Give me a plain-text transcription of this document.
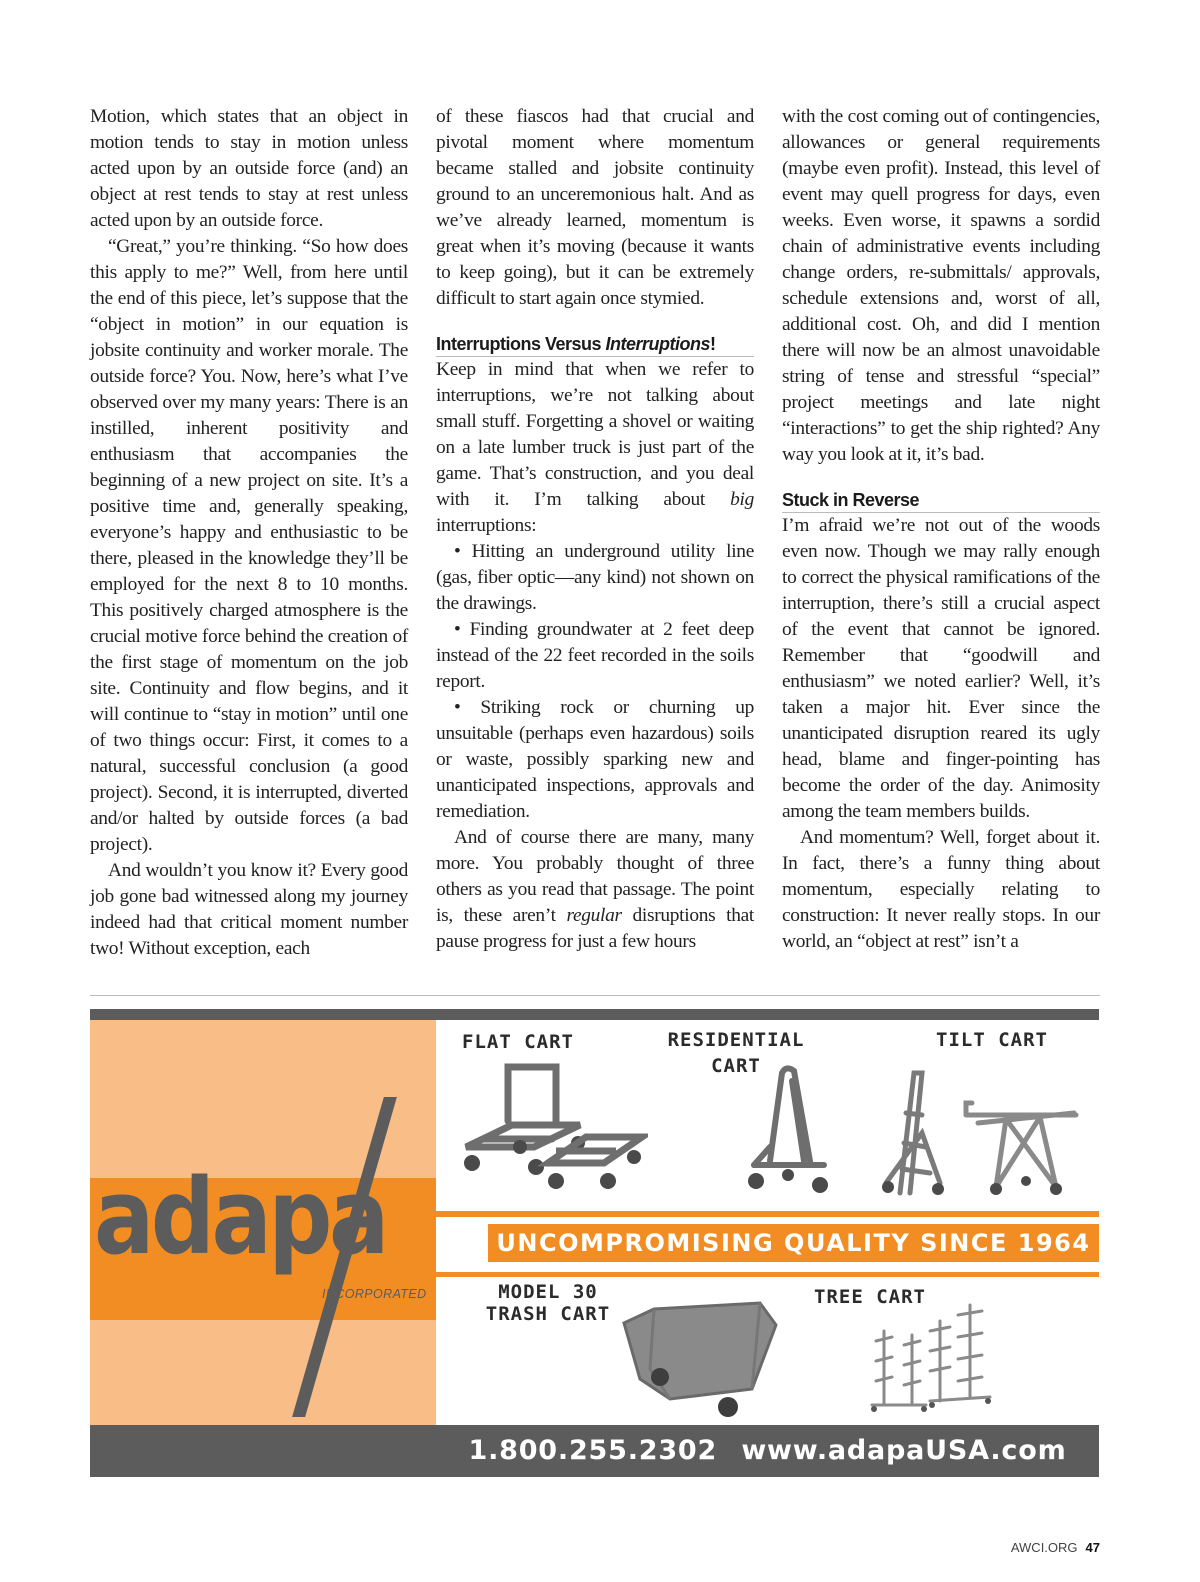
Motion, which states that an object in motion tends to stay in motion unless acted upon by an outside force (and) an object at rest tends to stay at rest unless acted upon by an outside force.

“Great,” you’re thinking. “So how does this apply to me?” Well, from here until the end of this piece, let’s suppose that the “object in motion” in our equation is jobsite continuity and worker morale. The outside force? You. Now, here’s what I’ve observed over my many years: There is an instilled, inherent positivity and enthusiasm that accompanies the beginning of a new project on site. It’s a positive time and, generally speaking, everyone’s happy and enthusiastic to be there, pleased in the knowledge they’ll be employed for the next 8 to 10 months. This positively charged atmosphere is the crucial motive force behind the creation of the first stage of momentum on the job site. Continuity and flow begins, and it will continue to “stay in motion” until one of two things occur: First, it comes to a natural, successful conclusion (a good project). Second, it is interrupted, diverted and/or halted by outside forces (a bad project).

And wouldn’t you know it? Every good job gone bad witnessed along my journey indeed had that critical moment number two! Without exception, each

of these fiascos had that crucial and pivotal moment where momentum became stalled and jobsite continuity ground to an unceremonious halt. And as we’ve already learned, momentum is great when it’s moving (because it wants to keep going), but it can be extremely difficult to start again once stymied.

Interruptions Versus Interruptions!

Keep in mind that when we refer to interruptions, we’re not talking about small stuff. Forgetting a shovel or waiting on a late lumber truck is just part of the game. That’s construction, and you deal with it. I’m talking about big interruptions:

• Hitting an underground utility line (gas, fiber optic—any kind) not shown on the drawings.

• Finding groundwater at 2 feet deep instead of the 22 feet recorded in the soils report.

• Striking rock or churning up unsuitable (perhaps even hazardous) soils or waste, possibly sparking new and unanticipated inspections, approvals and remediation.

And of course there are many, many more. You probably thought of three others as you read that passage. The point is, these aren’t regular disruptions that pause progress for just a few hours

with the cost coming out of contingencies, allowances or general requirements (maybe even profit). Instead, this level of event may quell progress for days, even weeks. Even worse, it spawns a sordid chain of administrative events including change orders, re-submittals/ approvals, schedule extensions and, worst of all, additional cost. Oh, and did I mention there will now be an almost unavoidable string of tense and stressful “special” project meetings and late night “interactions” to get the ship righted? Any way you look at it, it’s bad.

Stuck in Reverse

I’m afraid we’re not out of the woods even now. Though we may rally enough to correct the physical ramifications of the interruption, there’s still a crucial aspect of the event that cannot be ignored. Remember that “goodwill and enthusiasm” we noted earlier? Well, it’s taken a major hit. Ever since the unanticipated disruption reared its ugly head, blame and finger-pointing has become the order of the day. Animosity among the team members builds.

And momentum? Well, forget about it. In fact, there’s a funny thing about momentum, especially relating to construction: It never really stops. In our world, an “object at rest” isn’t a

adapa
INCORPORATED
UNCOMPROMISING QUALITY SINCE 1964
FLAT CART	RESIDENTIAL
CART
TILT CART
MODEL 30
TRASH CART
TREE CART
1.800.255.2302 www.adapaUSA.com
AWCI.ORG 47
